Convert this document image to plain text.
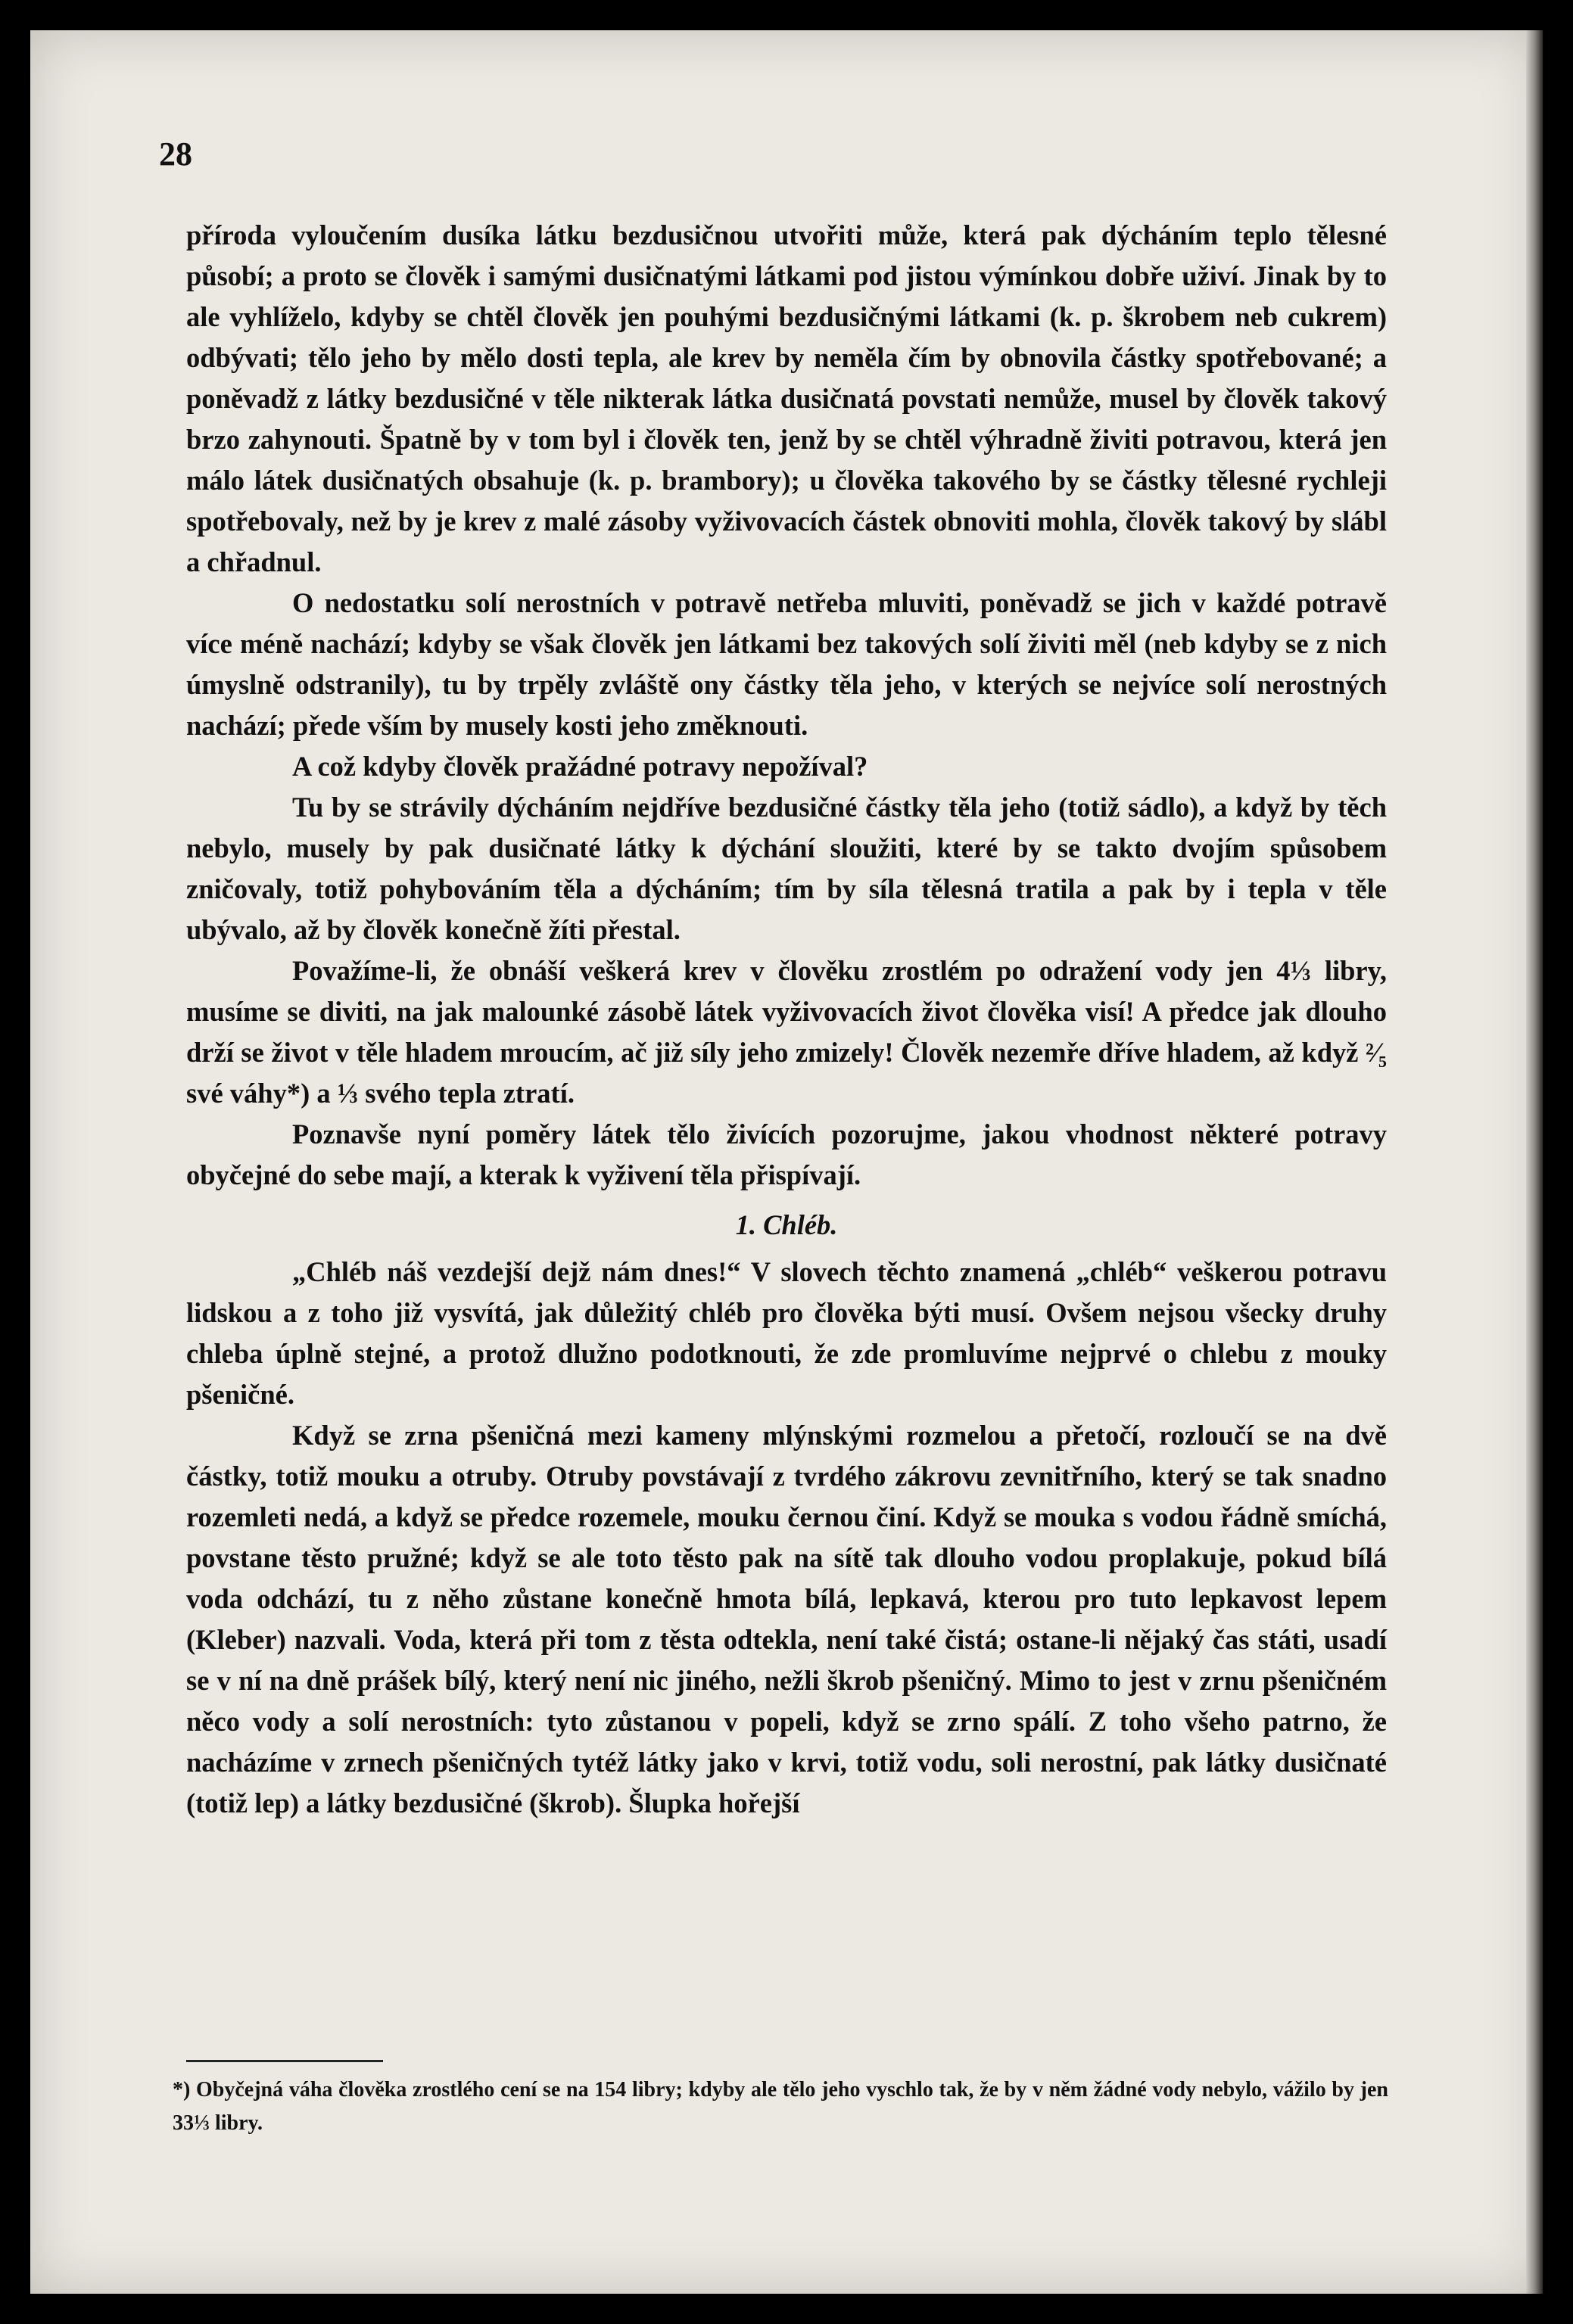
28

příroda vyloučením dusíka látku bezdusičnou utvořiti může, která pak dýcháním teplo tělesné působí; a proto se člověk i samými dusičnatými látkami pod jistou výmínkou dobře uživí. Jinak by to ale vyhlíželo, kdyby se chtěl člověk jen pouhými bezdusičnými látkami (k. p. škrobem neb cukrem) odbývati; tělo jeho by mělo dosti tepla, ale krev by neměla čím by obnovila částky spotřebované; a poněvadž z látky bezdusičné v těle nikterak látka dusičnatá povstati nemůže, musel by člověk takový brzo zahynouti. Špatně by v tom byl i člověk ten, jenž by se chtěl výhradně živiti potravou, která jen málo látek dusičnatých obsahuje (k. p. brambory); u člověka takového by se částky tělesné rychleji spotřebovaly, než by je krev z malé zásoby vyživovacích částek obnoviti mohla, člověk takový by slábl a chřadnul.

O nedostatku solí nerostních v potravě netřeba mluviti, poněvadž se jich v každé potravě více méně nachází; kdyby se však člověk jen látkami bez takových solí živiti měl (neb kdyby se z nich úmyslně odstranily), tu by trpěly zvláště ony částky těla jeho, v kterých se nejvíce solí nerostných nachází; přede vším by musely kosti jeho změknouti.

A což kdyby člověk pražádné potravy nepožíval?

Tu by se strávily dýcháním nejdříve bezdusičné částky těla jeho (totiž sádlo), a když by těch nebylo, musely by pak dusičnaté látky k dýchání sloužiti, které by se takto dvojím spůsobem zničovaly, totiž pohybováním těla a dýcháním; tím by síla tělesná tratila a pak by i tepla v těle ubývalo, až by člověk konečně žíti přestal.

Považíme-li, že obnáší veškerá krev v člověku zrostlém po odražení vody jen 4⅓ libry, musíme se diviti, na jak malounké zásobě látek vyživovacích život člověka visí! A předce jak dlouho drží se život v těle hladem mroucím, ač již síly jeho zmizely! Člověk nezemře dříve hladem, až když ²⁄₅ své váhy*) a ⅓ svého tepla ztratí.

Poznavše nyní poměry látek tělo živících pozorujme, jakou vhodnost některé potravy obyčejné do sebe mají, a kterak k vyživení těla přispívají.

1. Chléb.

„Chléb náš vezdejší dejž nám dnes!“ V slovech těchto znamená „chléb“ veškerou potravu lidskou a z toho již vysvítá, jak důležitý chléb pro člověka býti musí. Ovšem nejsou všecky druhy chleba úplně stejné, a protož dlužno podotknouti, že zde promluvíme nejprvé o chlebu z mouky pšeničné.

Když se zrna pšeničná mezi kameny mlýnskými rozmelou a přetočí, rozloučí se na dvě částky, totiž mouku a otruby. Otruby povstávají z tvrdého zákrovu zevnitřního, který se tak snadno rozemleti nedá, a když se předce rozemele, mouku černou činí. Když se mouka s vodou řádně smíchá, povstane těsto pružné; když se ale toto těsto pak na sítě tak dlouho vodou proplakuje, pokud bílá voda odchází, tu z něho zůstane konečně hmota bílá, lepkavá, kterou pro tuto lepkavost lepem (Kleber) nazvali. Voda, která při tom z těsta odtekla, není také čistá; ostane-li nějaký čas státi, usadí se v ní na dně prášek bílý, který není nic jiného, nežli škrob pšeničný. Mimo to jest v zrnu pšeničném něco vody a solí nerostních: tyto zůstanou v popeli, když se zrno spálí. Z toho všeho patrno, že nacházíme v zrnech pšeničných tytéž látky jako v krvi, totiž vodu, soli nerostní, pak látky dusičnaté (totiž lep) a látky bezdusičné (škrob). Šlupka hořejší

*) Obyčejná váha člověka zrostlého cení se na 154 libry; kdyby ale tělo jeho vyschlo tak, že by v něm žádné vody nebylo, vážilo by jen 33⅓ libry.
